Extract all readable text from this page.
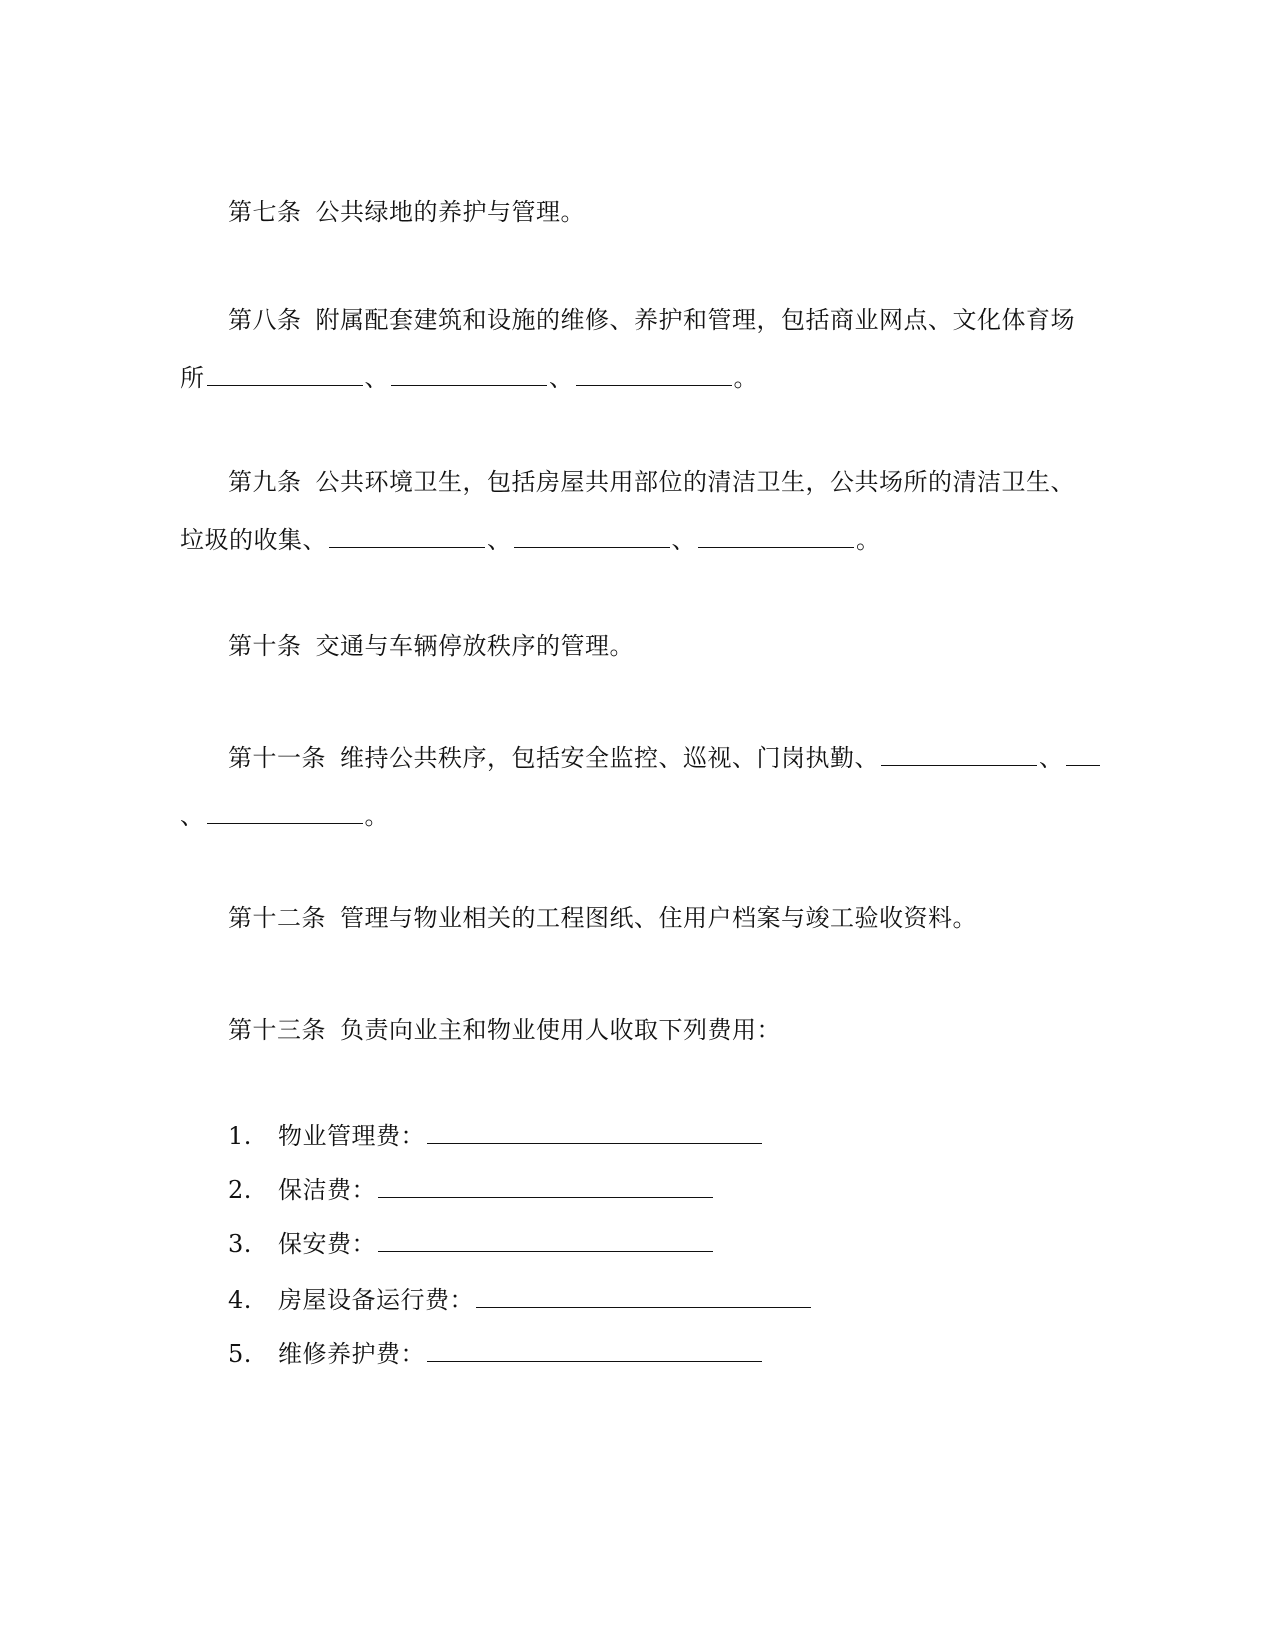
第七条 公共绿地的养护与管理。
第八条 附属配套建筑和设施的维修、养护和管理，包括商业网点、文化体育场
所	、	、	。
第九条 公共环境卫生，包括房屋共用部位的清洁卫生，公共场所的清洁卫生、
垃圾的收集、	、	、	。
第十条 交通与车辆停放秩序的管理。
第十一条 维持公共秩序，包括安全监控、巡视、门岗执勤、	、
、	。
第十二条 管理与物业相关的工程图纸、住用户档案与竣工验收资料。
第十三条 负责向业主和物业使用人收取下列费用：
1. 物业管理费：
2. 保洁费：
3. 保安费：
4. 房屋设备运行费：
5. 维修养护费：
